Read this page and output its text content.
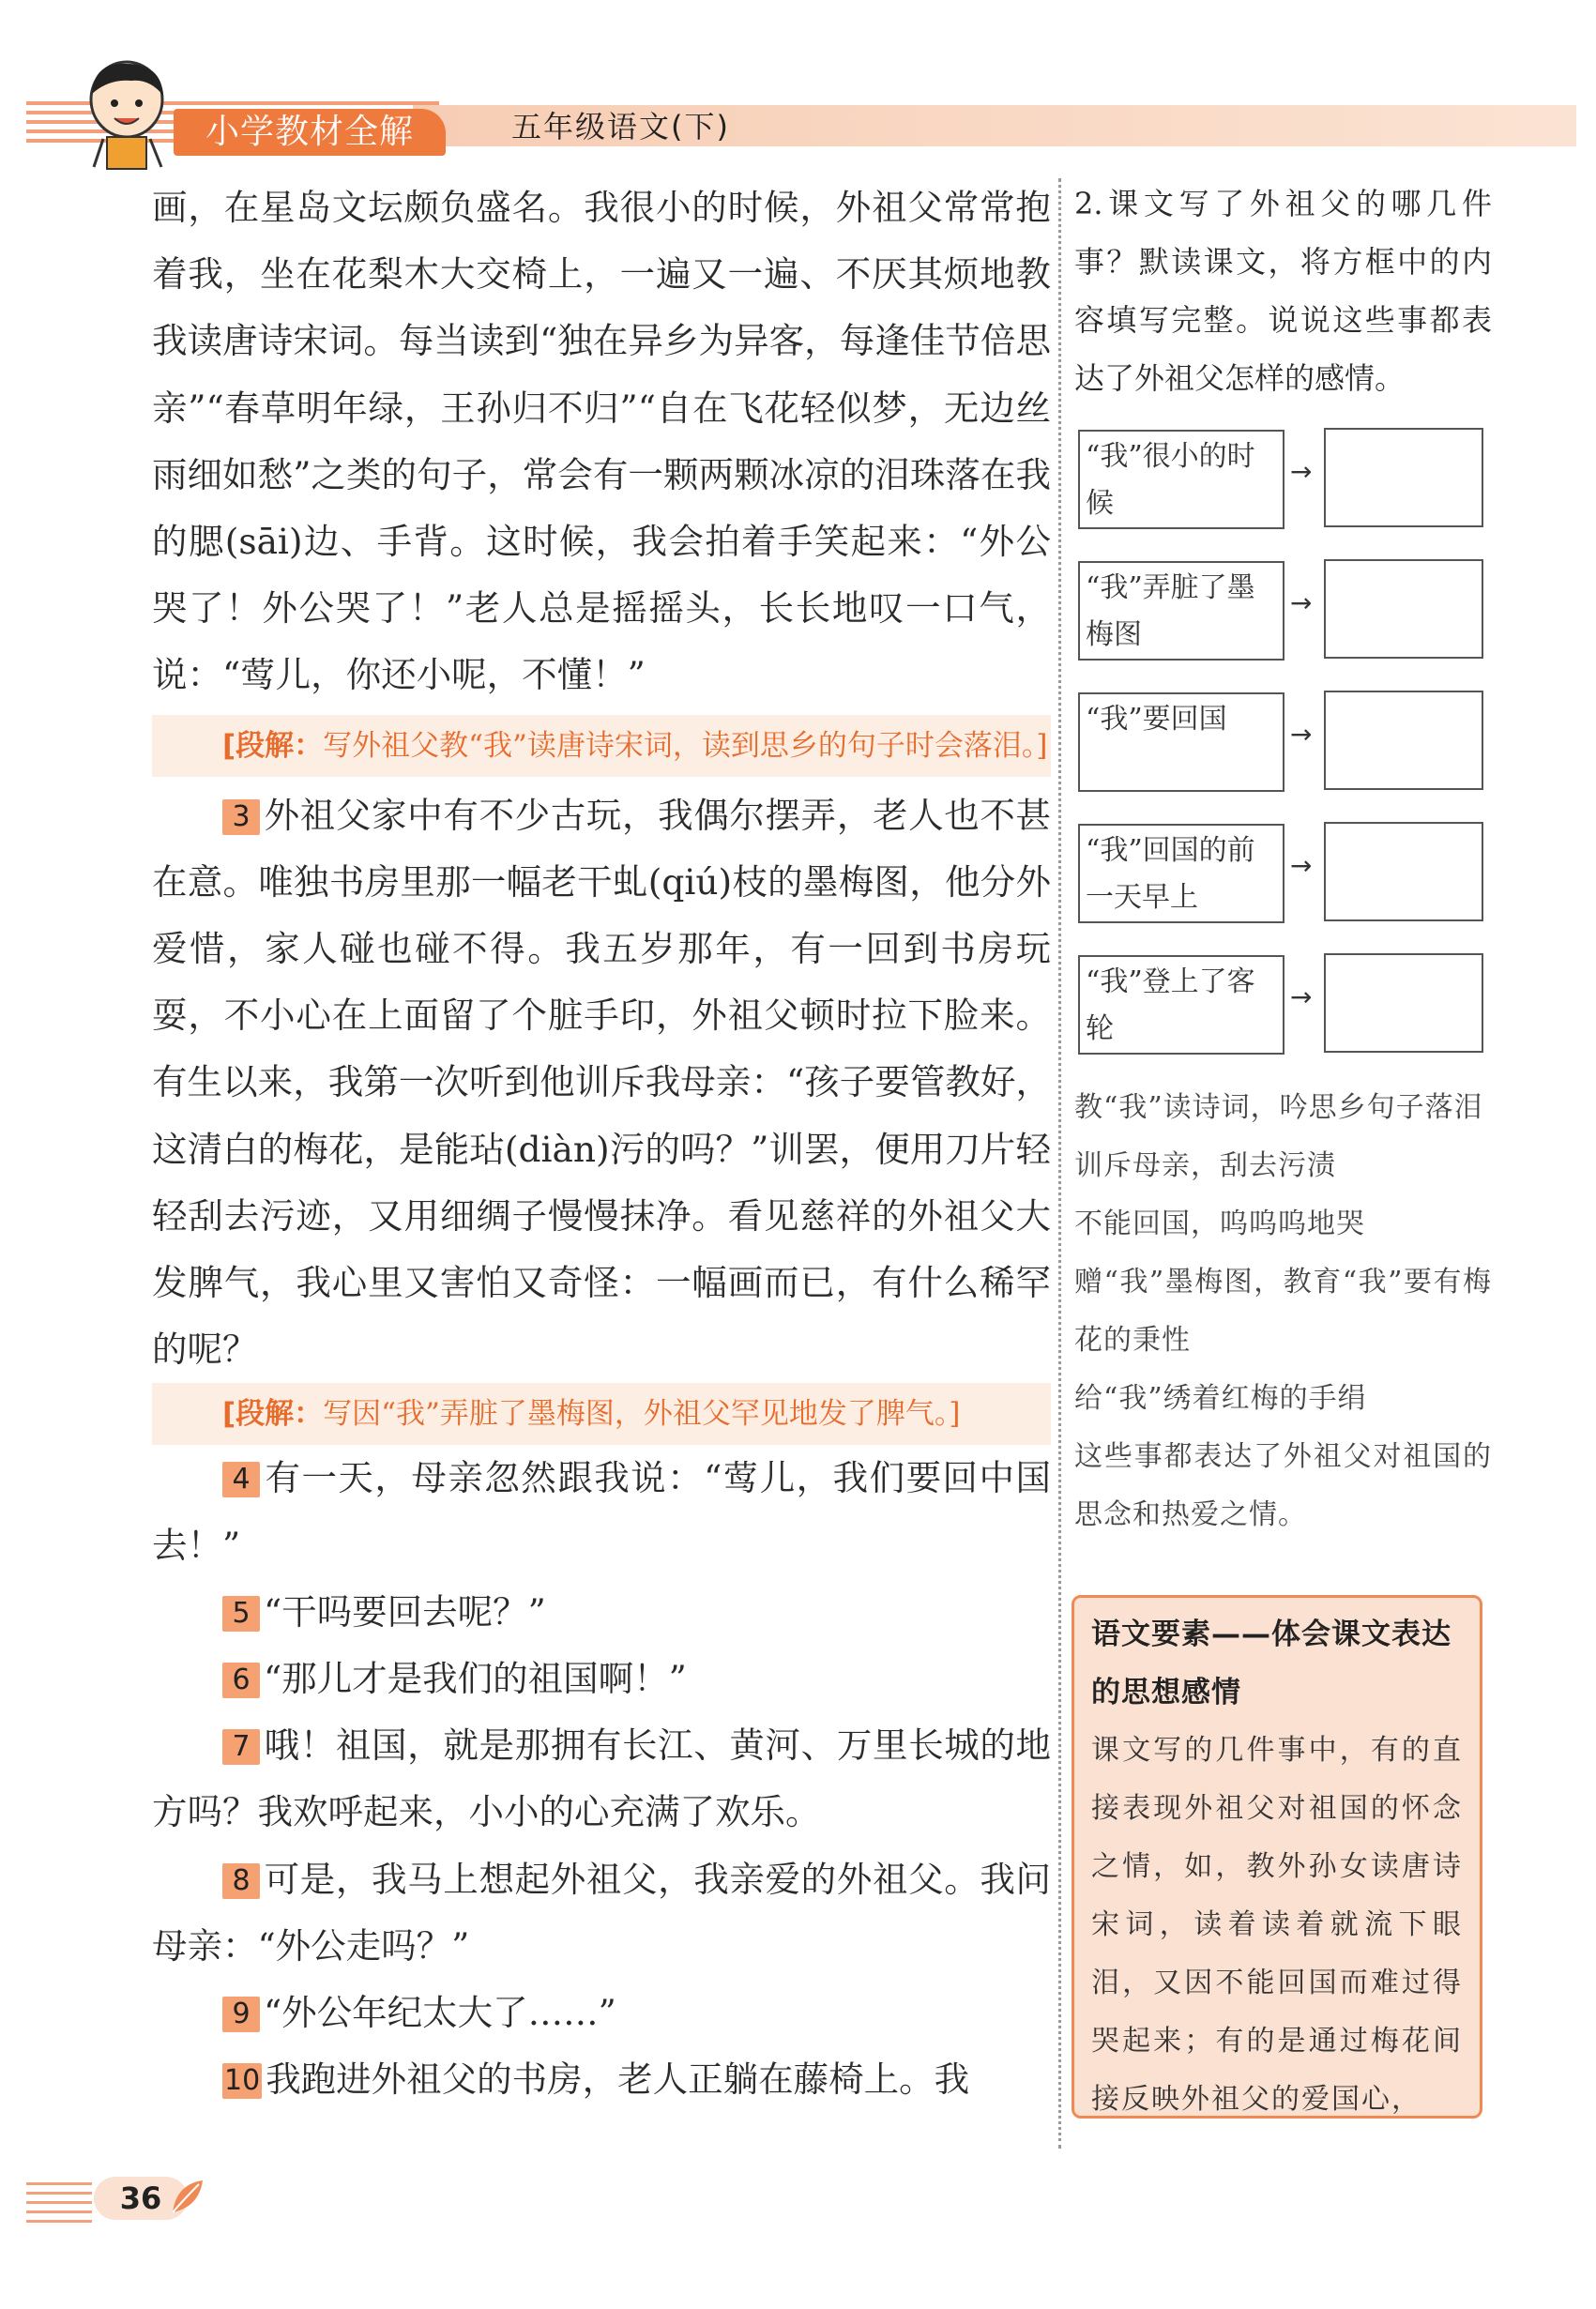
小学教材全解	五年级语文(下)

画，在星岛文坛颇负盛名。我很小的时候，外祖父常常抱着我，坐在花梨木大交椅上，一遍又一遍、不厌其烦地教我读唐诗宋词。每当读到“独在异乡为异客，每逢佳节倍思亲”“春草明年绿，王孙归不归”“自在飞花轻似梦，无边丝雨细如愁”之类的句子，常会有一颗两颗冰凉的泪珠落在我的腮(sāi)边、手背。这时候，我会拍着手笑起来：“外公哭了！外公哭了！”老人总是摇摇头，长长地叹一口气，说：“莺儿，你还小呢，不懂！”

[段解：写外祖父教“我”读唐诗宋词，读到思乡的句子时会落泪。]

3 外祖父家中有不少古玩，我偶尔摆弄，老人也不甚在意。唯独书房里那一幅老干虬(qiú)枝的墨梅图，他分外爱惜，家人碰也碰不得。我五岁那年，有一回到书房玩耍，不小心在上面留了个脏手印，外祖父顿时拉下脸来。有生以来，我第一次听到他训斥我母亲：“孩子要管教好，这清白的梅花，是能玷(diàn)污的吗？”训罢，便用刀片轻轻刮去污迹，又用细绸子慢慢抹净。看见慈祥的外祖父大发脾气，我心里又害怕又奇怪：一幅画而已，有什么稀罕的呢？

[段解：写因“我”弄脏了墨梅图，外祖父罕见地发了脾气。]

4 有一天，母亲忽然跟我说：“莺儿，我们要回中国去！”

5 “干吗要回去呢？”

6 “那儿才是我们的祖国啊！”

7 哦！祖国，就是那拥有长江、黄河、万里长城的地方吗？我欢呼起来，小小的心充满了欢乐。

8 可是，我马上想起外祖父，我亲爱的外祖父。我问母亲：“外公走吗？”

9 “外公年纪太大了……”

10 我跑进外祖父的书房，老人正躺在藤椅上。我

2.课文写了外祖父的哪几件事？默读课文，将方框中的内容填写完整。说说这些事都表达了外祖父怎样的感情。

“我”很小的时候
→
“我”弄脏了墨梅图
→
“我”要回国	→
“我”回国的前一天早上
→
“我”登上了客轮
→

教“我”读诗词，吟思乡句子落泪

训斥母亲，刮去污渍

不能回国，呜呜呜地哭

赠“我”墨梅图，教育“我”要有梅花的秉性

给“我”绣着红梅的手绢

这些事都表达了外祖父对祖国的思念和热爱之情。

语文要素——体会课文表达的思想感情

课文写的几件事中，有的直接表现外祖父对祖国的怀念之情，如，教外孙女读唐诗宋词，读着读着就流下眼泪，又因不能回国而难过得哭起来；有的是通过梅花间接反映外祖父的爱国心，

36
